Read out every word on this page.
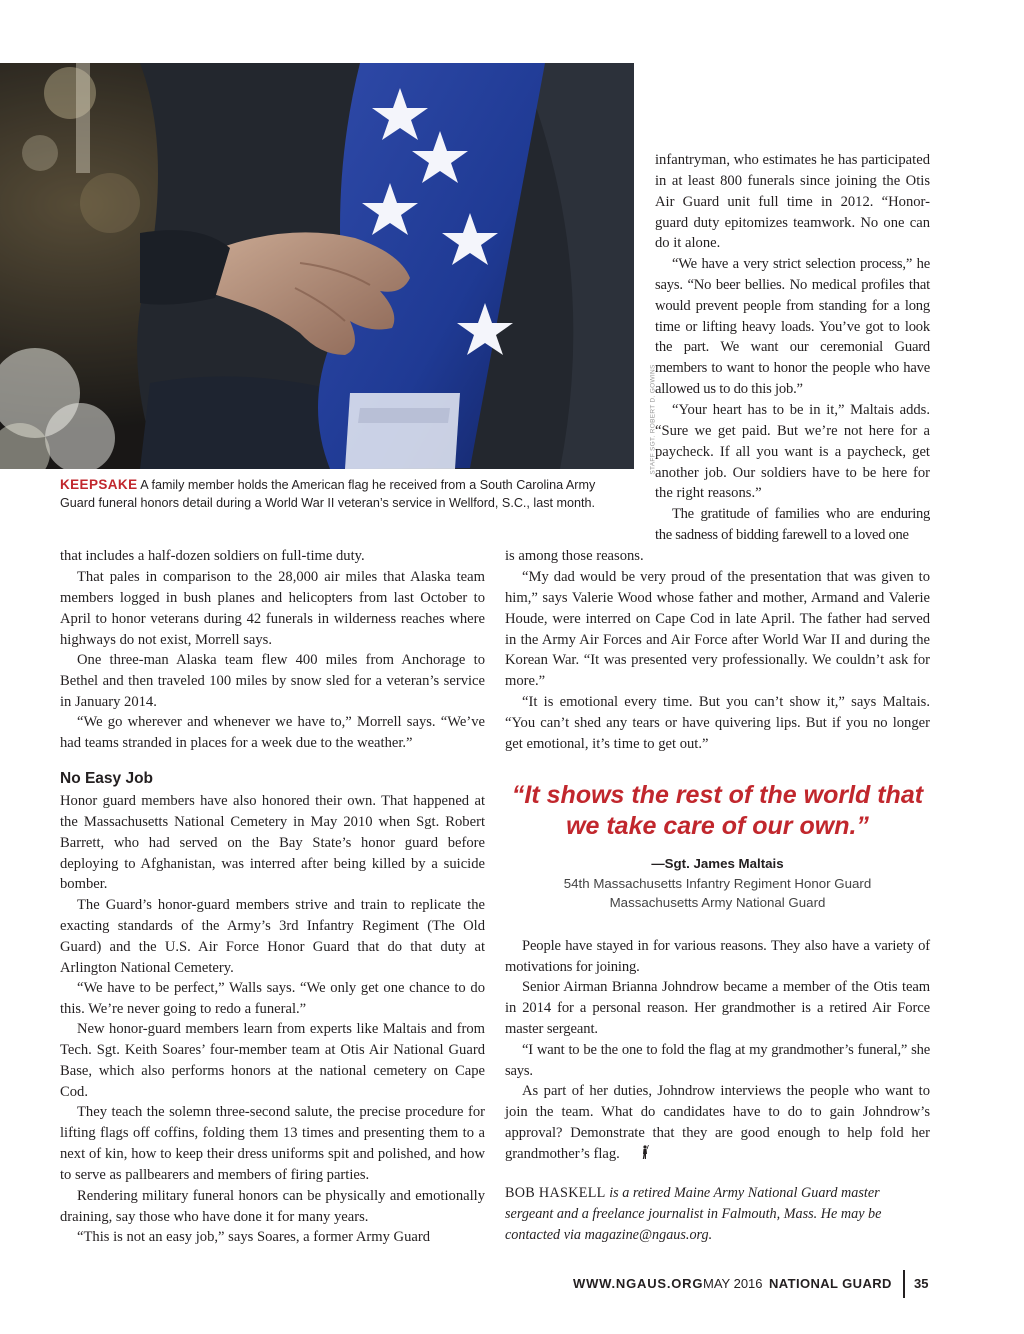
STAFF SGT. ROBERT D. GOWINS
KEEPSAKE A family member holds the American flag he received from a South Carolina Army Guard funeral honors detail during a World War II veteran’s service in Wellford, S.C., last month.

infantryman, who estimates he has participated in at least 800 funerals since joining the Otis Air Guard unit full time in 2012. “Honor-guard duty epitomizes teamwork. No one can do it alone.

“We have a very strict selection process,” he says. “No beer bellies. No medical profiles that would prevent people from standing for a long time or lifting heavy loads. You’ve got to look the part. We want our ceremonial Guard members to want to honor the people who have allowed us to do this job.”

“Your heart has to be in it,” Maltais adds. “Sure we get paid. But we’re not here for a paycheck. If all you want is a paycheck, get another job. Our soldiers have to be here for the right reasons.”

The gratitude of families who are enduring the sadness of bidding farewell to a loved one

that includes a half-dozen soldiers on full-time duty.

That pales in comparison to the 28,000 air miles that Alaska team members logged in bush planes and helicopters from last October to April to honor veterans during 42 funerals in wilderness reaches where highways do not exist, Morrell says.

One three-man Alaska team flew 400 miles from Anchorage to Bethel and then traveled 100 miles by snow sled for a veteran’s service in January 2014.

“We go wherever and whenever we have to,” Morrell says. “We’ve had teams stranded in places for a week due to the weather.”

is among those reasons.

“My dad would be very proud of the presentation that was given to him,” says Valerie Wood whose father and mother, Armand and Valerie Houde, were interred on Cape Cod in late April. The father had served in the Army Air Forces and Air Force after World War II and during the Korean War. “It was presented very professionally. We couldn’t ask for more.”

“It is emotional every time. But you can’t show it,” says Maltais. “You can’t shed any tears or have quivering lips. But if you no longer get emotional, it’s time to get out.”

No Easy Job

Honor guard members have also honored their own. That happened at the Massachusetts National Cemetery in May 2010 when Sgt. Robert Barrett, who had served on the Bay State’s honor guard before deploying to Afghanistan, was interred after being killed by a suicide bomber.

The Guard’s honor-guard members strive and train to replicate the exacting standards of the Army’s 3rd Infantry Regiment (The Old Guard) and the U.S. Air Force Honor Guard that do that duty at Arlington National Cemetery.

“We have to be perfect,” Walls says. “We only get one chance to do this. We’re never going to redo a funeral.”

New honor-guard members learn from experts like Maltais and from Tech. Sgt. Keith Soares’ four-member team at Otis Air National Guard Base, which also performs honors at the national cemetery on Cape Cod.

They teach the solemn three-second salute, the precise procedure for lifting flags off coffins, folding them 13 times and presenting them to a next of kin, how to keep their dress uniforms spit and polished, and how to serve as pallbearers and members of firing parties.

Rendering military funeral honors can be physically and emotionally draining, say those who have done it for many years.

“This is not an easy job,” says Soares, a former Army Guard

“It shows the rest of the world that we take care of our own.”

—Sgt. James Maltais

54th Massachusetts Infantry Regiment Honor Guard

Massachusetts Army National Guard

People have stayed in for various reasons. They also have a variety of motivations for joining.

Senior Airman Brianna Johndrow became a member of the Otis team in 2014 for a personal reason. Her grandmother is a retired Air Force master sergeant.

“I want to be the one to fold the flag at my grandmother’s funeral,” she says.

As part of her duties, Johndrow interviews the people who want to join the team. What do candidates have to do to gain Johndrow’s approval? Demonstrate that they are good enough to help fold her grandmother’s flag.

BOB HASKELL is a retired Maine Army National Guard master sergeant and a freelance journalist in Falmouth, Mass. He may be contacted via magazine@ngaus.org.

WWW.NGAUS.ORG MAY 2016 NATIONAL GUARD 35
